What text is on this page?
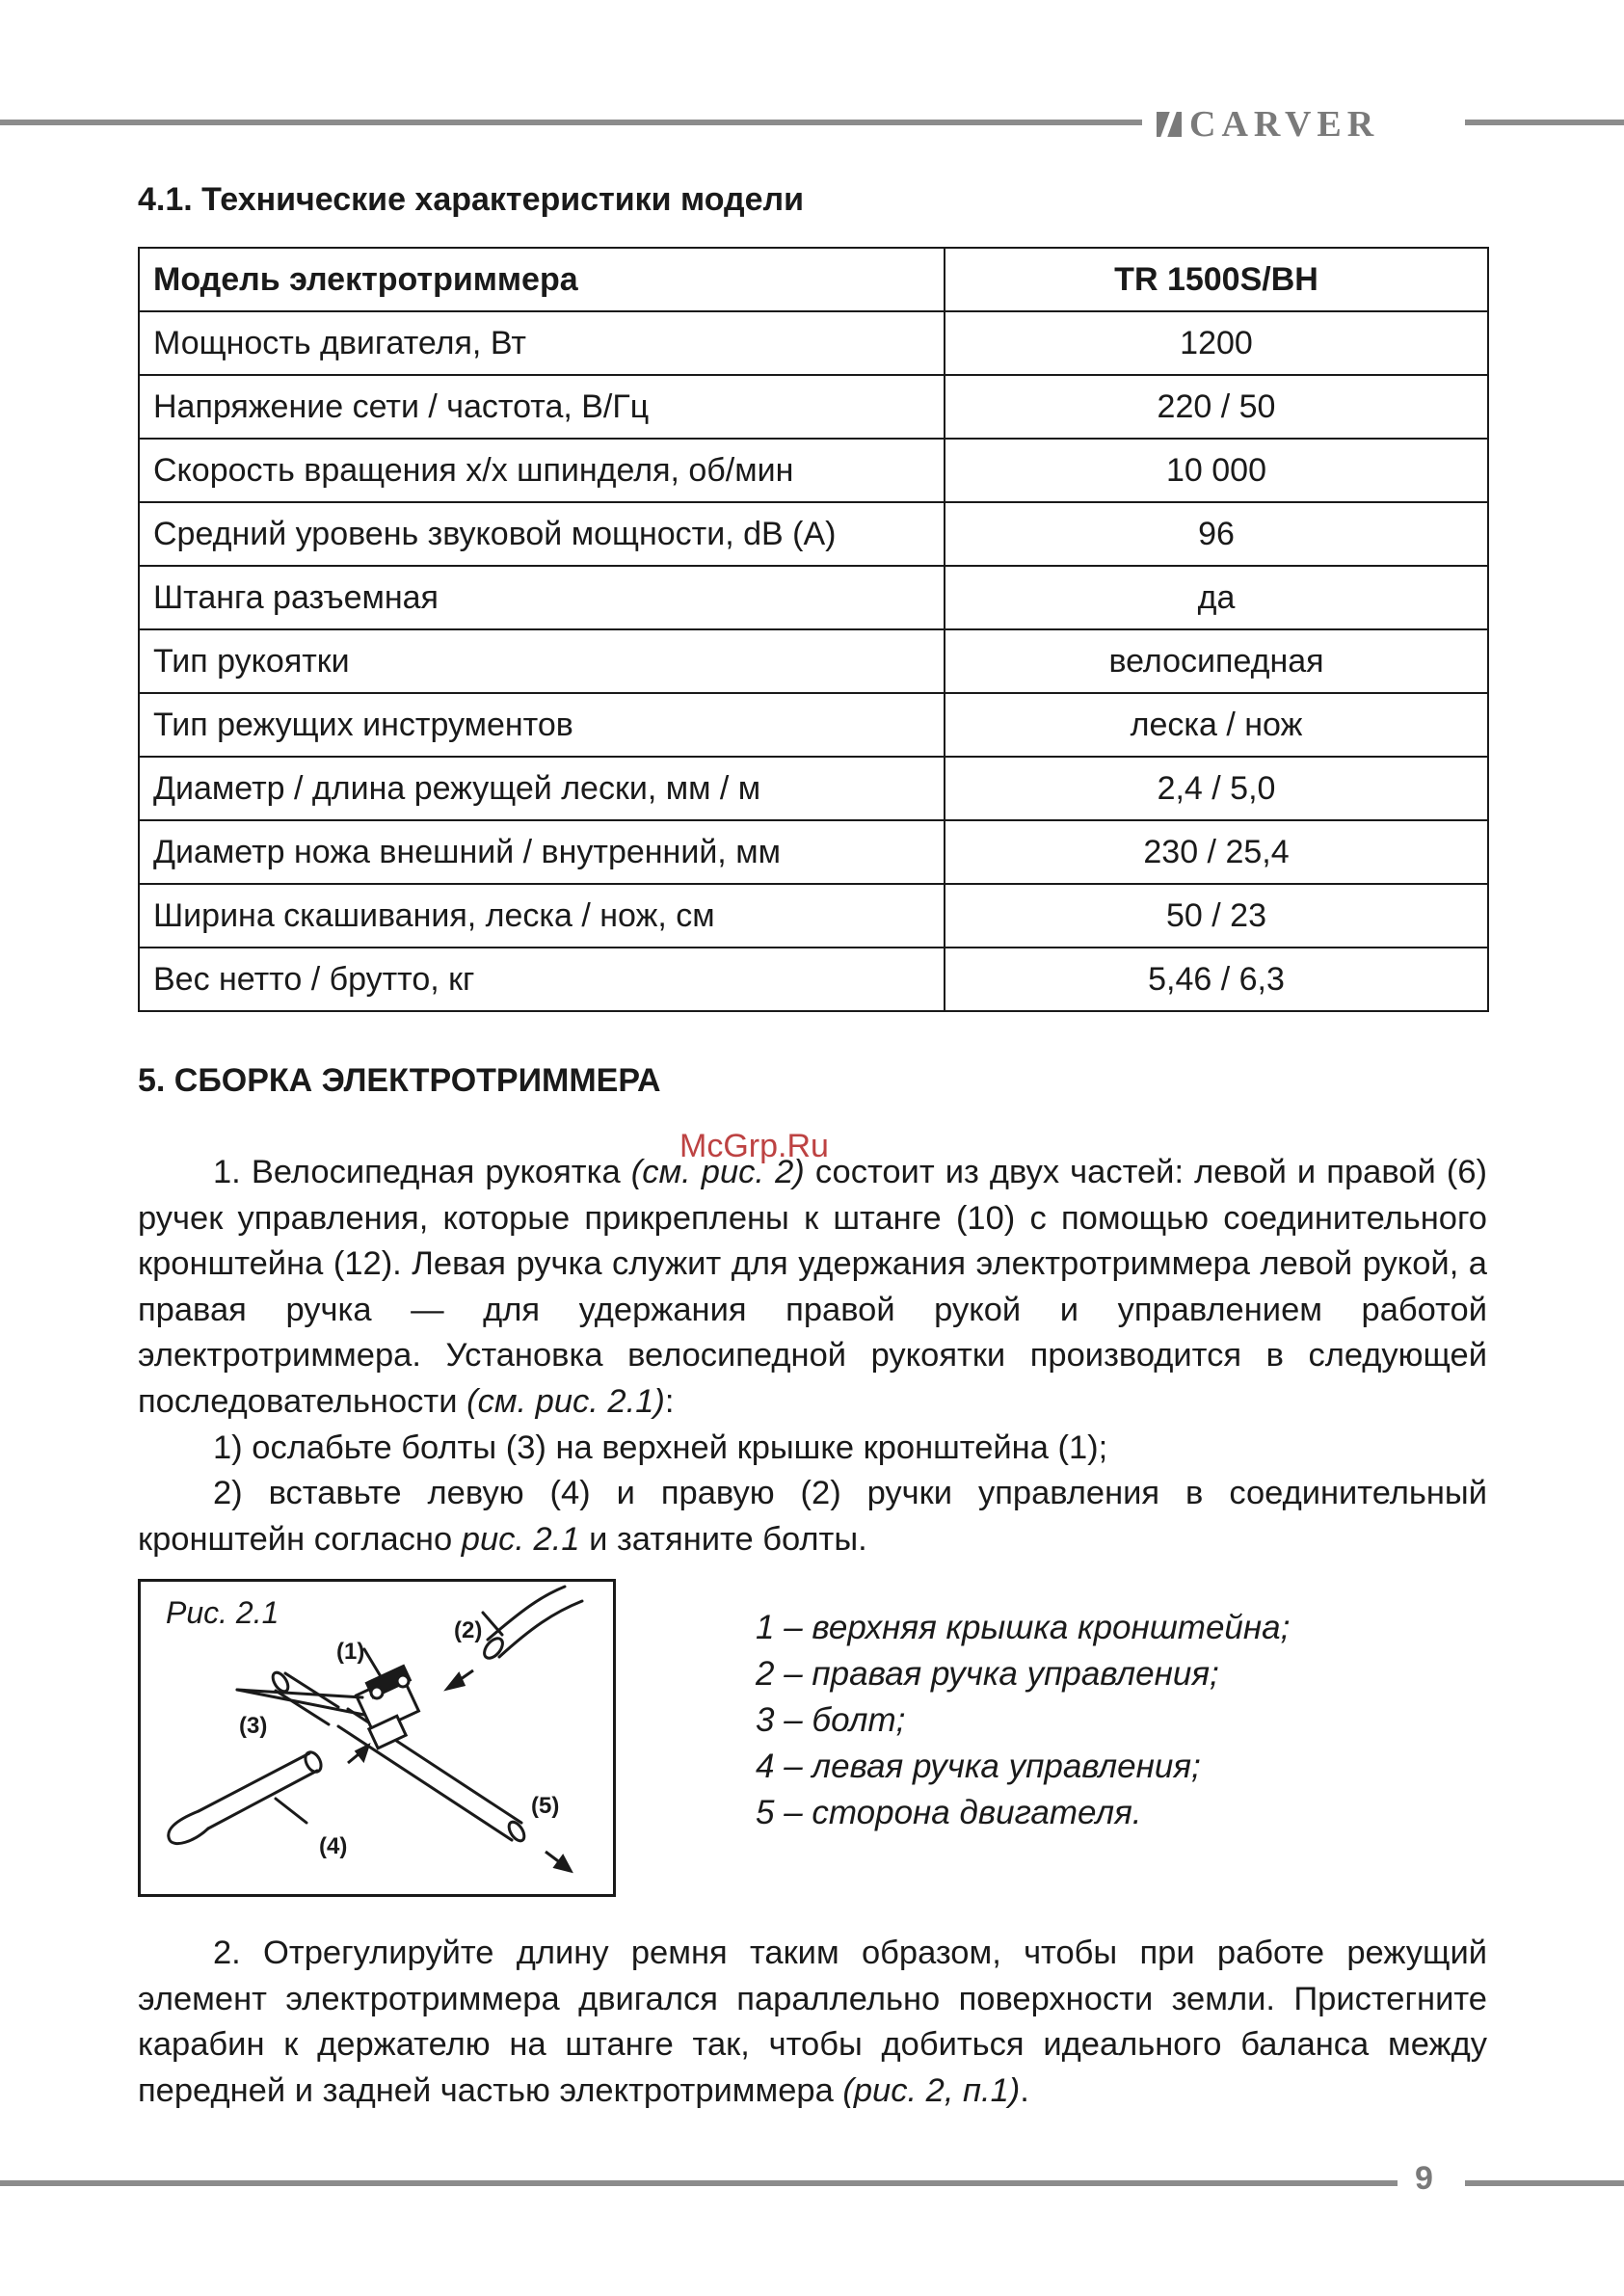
CARVER
4.1. Технические характеристики модели
Модель электротриммера	TR 1500S/BH
Мощность двигателя, Вт	1200
Напряжение сети / частота, В/Гц	220 / 50
Скорость вращения х/х шпинделя, об/мин	10 000
Средний уровень звуковой мощности, dB (A)	96
Штанга разъемная	да
Тип рукоятки	велосипедная
Тип режущих инструментов	леска / нож
Диаметр / длина режущей лески, мм / м	2,4 / 5,0
Диаметр ножа внешний / внутренний, мм	230 / 25,4
Ширина скашивания, леска / нож, см	50 / 23
Вес нетто / брутто, кг	5,46 / 6,3
5. СБОРКА ЭЛЕКТРОТРИММЕРА
McGrp.Ru

1. Велосипедная рукоятка (см. рис. 2) состоит из двух частей: левой и правой (6) ручек управления, которые прикреплены к штанге (10) с помощью соединительного кронштейна (12). Левая ручка служит для удержания электротриммера левой рукой, а правая ручка — для удержания правой рукой и управлением работой электротриммера. Установка велосипедной рукоятки производится в следующей последовательности (см. рис. 2.1):

1) ослабьте болты (3) на верхней крышке кронштейна (1);

2) вставьте левую (4) и правую (2) ручки управления в соединительный кронштейн согласно рис. 2.1 и затяните болты.

Рис. 2.1
(1)
(2)
(3)
(4)
(5)
1 – верхняя крышка кронштейна;
2 – правая ручка управления;
3 – болт;
4 – левая ручка управления;
5 – сторона двигателя.

2. Отрегулируйте длину ремня таким образом, чтобы при работе режущий элемент электротриммера двигался параллельно поверхности земли. Пристегните карабин к держателю на штанге так, чтобы добиться идеального баланса между передней и задней частью электротриммера (рис. 2, п.1).

9
